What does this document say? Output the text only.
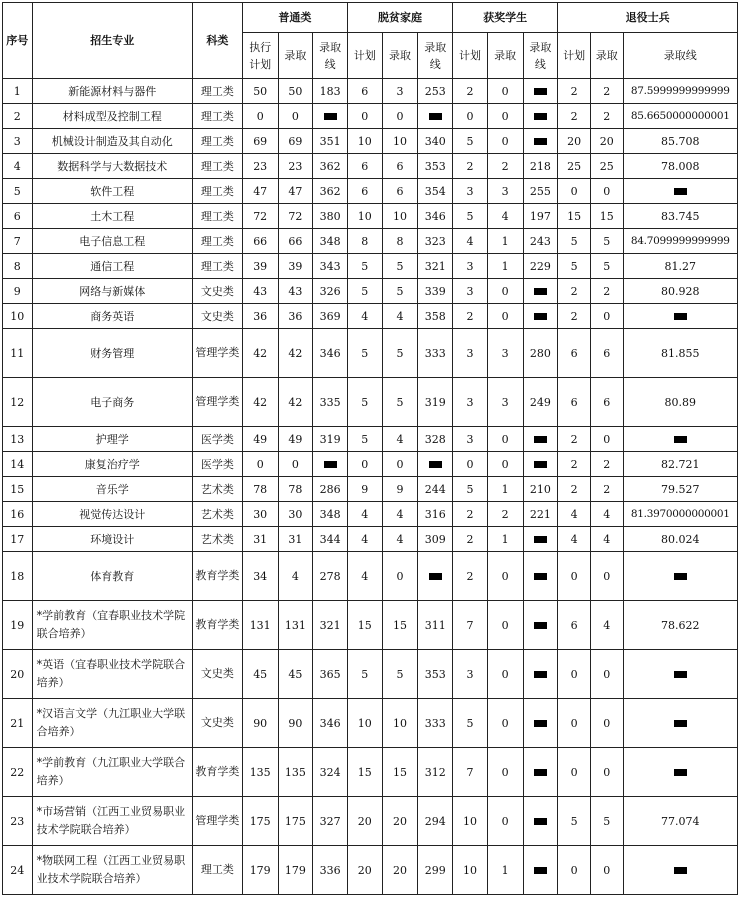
序号	招生专业	科类	普通类			脱贫家庭			获奖学生			退役士兵		
			执行计划	录取	录取线	计划	录取	录取线	计划	录取	录取线	计划	录取	录取线
1	新能源材料与器件	理工类	50	50	183	6	3	253	2	0		2	2	87.5999999999999
2	材料成型及控制工程	理工类	0	0		0	0		0	0		2	2	85.6650000000001
3	机械设计制造及其自动化	理工类	69	69	351	10	10	340	5	0		20	20	85.708
4	数据科学与大数据技术	理工类	23	23	362	6	6	353	2	2	218	25	25	78.008
5	软件工程	理工类	47	47	362	6	6	354	3	3	255	0	0	
6	土木工程	理工类	72	72	380	10	10	346	5	4	197	15	15	83.745
7	电子信息工程	理工类	66	66	348	8	8	323	4	1	243	5	5	84.7099999999999
8	通信工程	理工类	39	39	343	5	5	321	3	1	229	5	5	81.27
9	网络与新媒体	文史类	43	43	326	5	5	339	3	0		2	2	80.928
10	商务英语	文史类	36	36	369	4	4	358	2	0		2	0	
11	财务管理	管理学类	42	42	346	5	5	333	3	3	280	6	6	81.855
12	电子商务	管理学类	42	42	335	5	5	319	3	3	249	6	6	80.89
13	护理学	医学类	49	49	319	5	4	328	3	0		2	0	
14	康复治疗学	医学类	0	0		0	0		0	0		2	2	82.721
15	音乐学	艺术类	78	78	286	9	9	244	5	1	210	2	2	79.527
16	视觉传达设计	艺术类	30	30	348	4	4	316	2	2	221	4	4	81.3970000000001
17	环境设计	艺术类	31	31	344	4	4	309	2	1		4	4	80.024
18	体育教育	教育学类	34	4	278	4	0		2	0		0	0	
19	*学前教育（宜春职业技术学院联合培养）	教育学类	131	131	321	15	15	311	7	0		6	4	78.622
20	*英语（宜春职业技术学院联合培养）	文史类	45	45	365	5	5	353	3	0		0	0	
21	*汉语言文学（九江职业大学联合培养）	文史类	90	90	346	10	10	333	5	0		0	0	
22	*学前教育（九江职业大学联合培养）	教育学类	135	135	324	15	15	312	7	0		0	0	
23	*市场营销（江西工业贸易职业技术学院联合培养）	管理学类	175	175	327	20	20	294	10	0		5	5	77.074
24	*物联网工程（江西工业贸易职业技术学院联合培养）	理工类	179	179	336	20	20	299	10	1		0	0	
